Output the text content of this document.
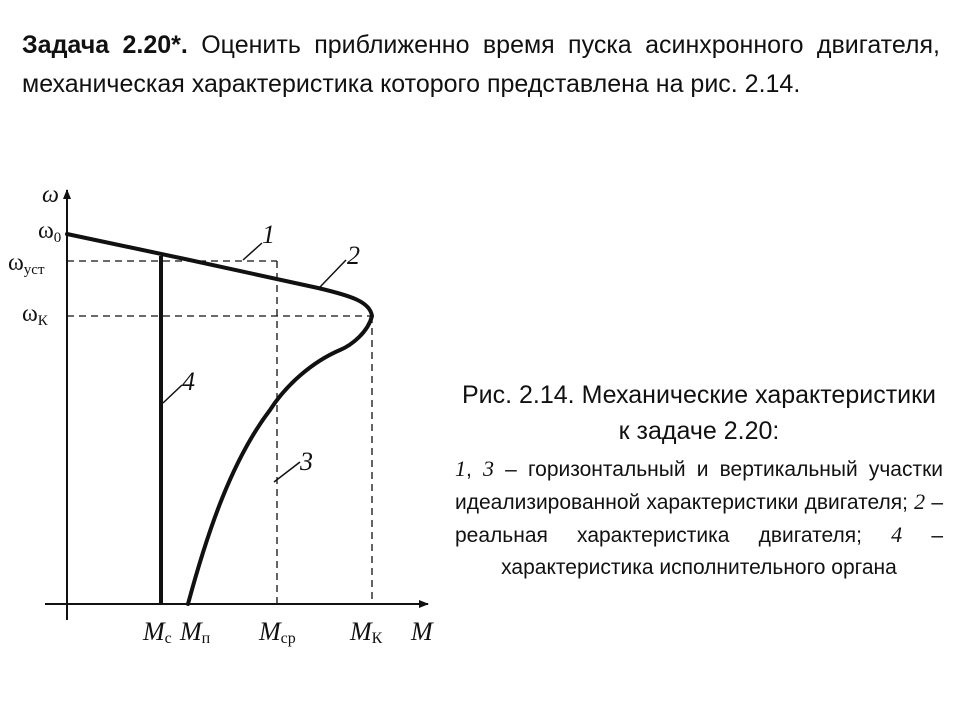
Задача 2.20*. Оценить приближенно время пуска асинхронного двигателя, механическая характеристика которого представлена на рис. 2.14.
1
2
3
4
ω
M
ω0
ωуст
ωК
Mc Mп Mср MК
Рис. 2.14. Механические характеристики к задаче 2.20:
1, 3 – горизонтальный и вертикальный участки идеализированной характеристики двигателя; 2 – реальная характеристика двигателя; 4 – характеристика исполнительного органа
